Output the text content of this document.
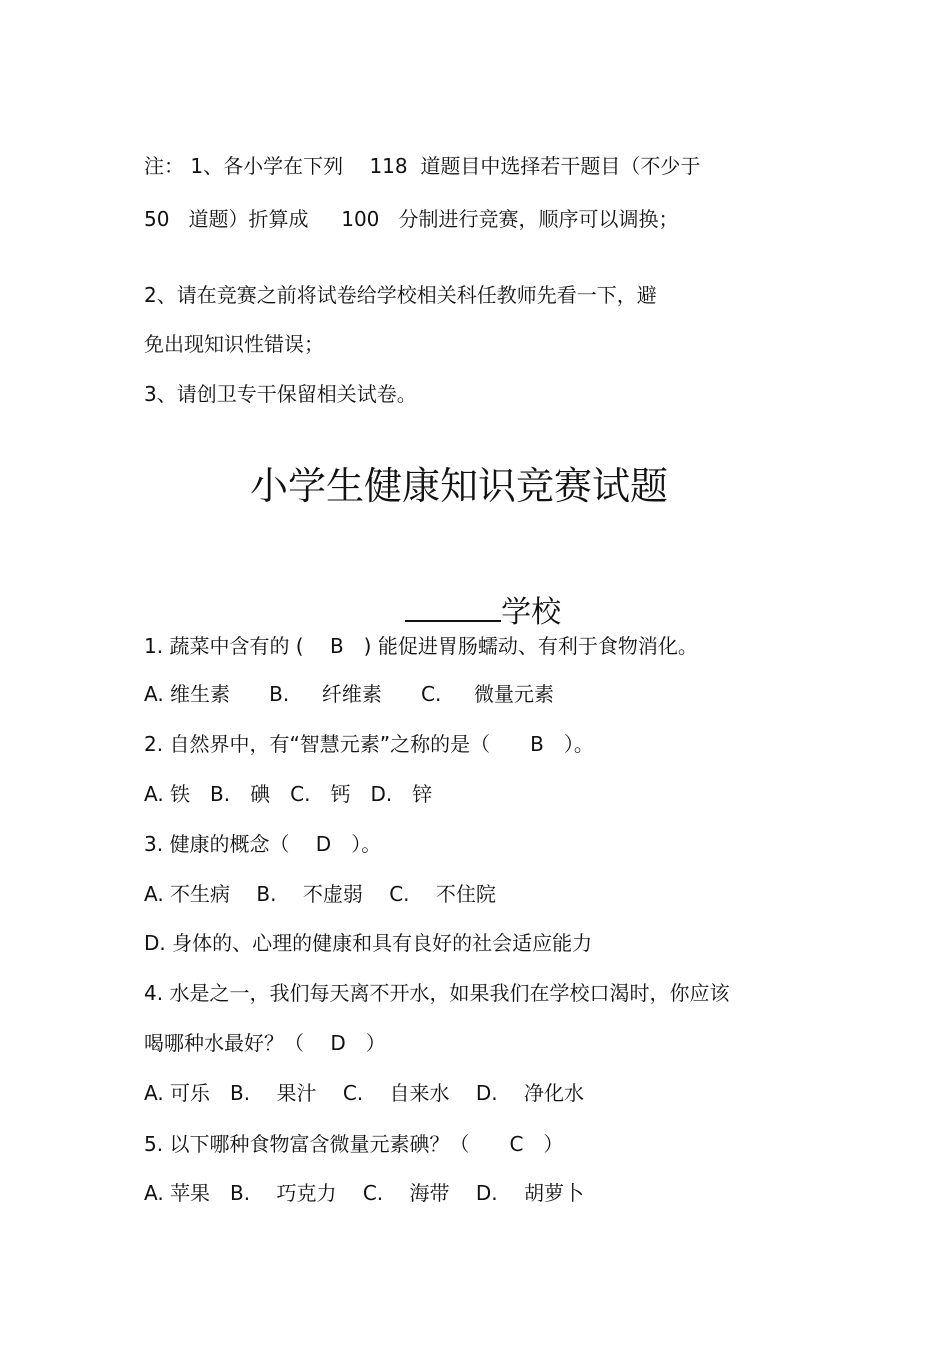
注： 1、各小学在下列　 118  道题目中选择若干题目（不少于
50   道题）折算成　  100   分制进行竞赛，顺序可以调换；
2、请在竞赛之前将试卷给学校相关科任教师先看一下，避
免出现知识性错误；
3、请创卫专干保留相关试卷。
小学生健康知识竞赛试题

学校

1. 蔬菜中含有的 (　 B　) 能促进胃肠蠕动、有利于食物消化。
A. 维生素　   B.　  纤维素　   C.　  微量元素
2. 自然界中，有“智慧元素”之称的是（　　B　）。
A. 铁　B.　碘　C.　钙　D.　锌
3. 健康的概念（　 D　）。
A. 不生病　 B.　 不虚弱　 C.　 不住院
D. 身体的、心理的健康和具有良好的社会适应能力
4. 水是之一，我们每天离不开水，如果我们在学校口渴时，你应该
喝哪种水最好？（　 D　）
A. 可乐　B.　 果汁　 C.　 自来水　 D.　 净化水
5. 以下哪种食物富含微量元素碘？（　　C　）
A. 苹果　B.　 巧克力　 C.　 海带　 D.　 胡萝卜
